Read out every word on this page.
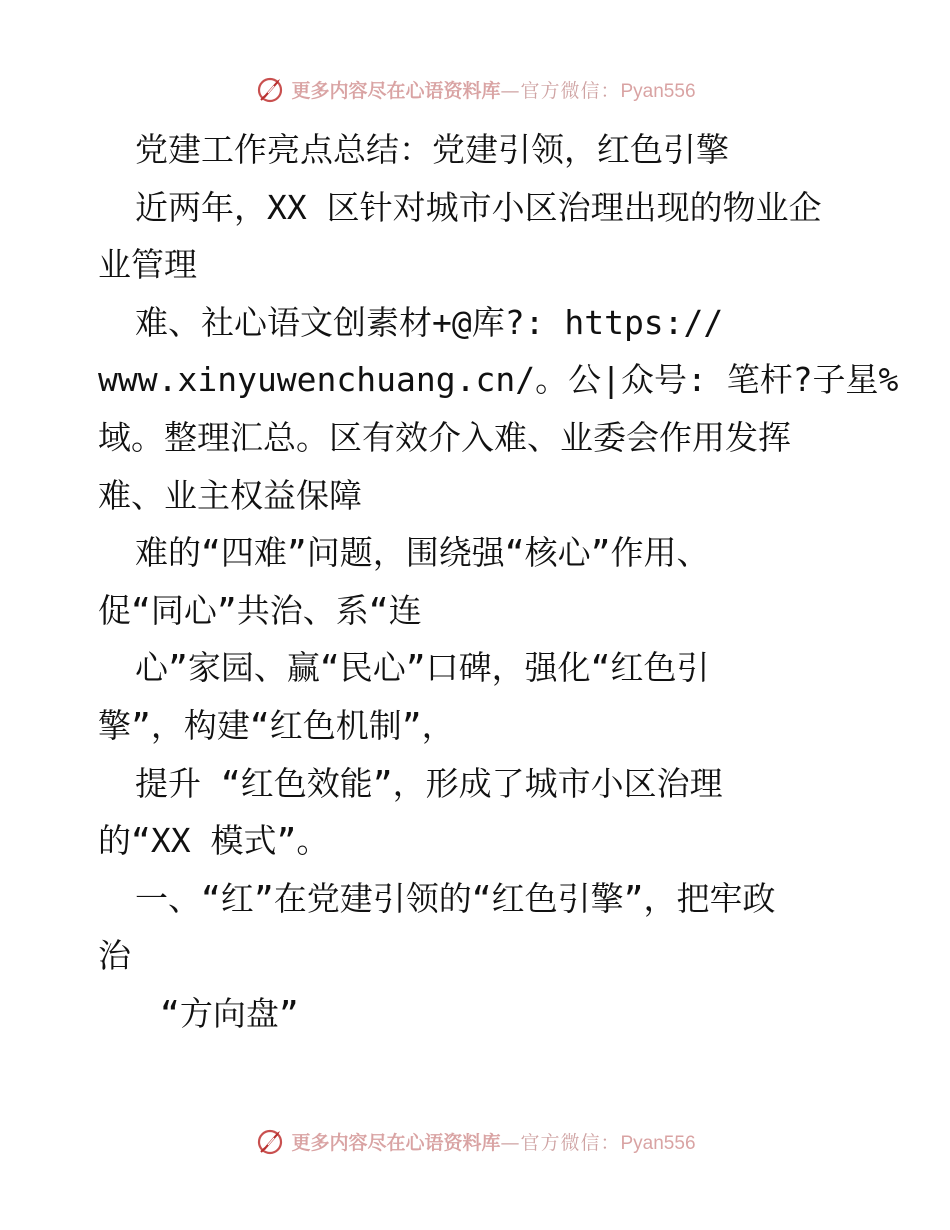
更多内容尽在心语资料库 — 官方微信： Pyan556
党建工作亮点总结：党建引领，红色引擎
近两年，XX 区针对城市小区治理出现的物业企
业管理
难、社心语文创素材+@库?: https://
www.xinyuwenchuang.cn/。公|众号: 笔杆?子星%
域。整理汇总。区有效介入难、业委会作用发挥
难、业主权益保障
难的“四难”问题，围绕强“核心”作用、
促“同心”共治、系“连
心”家园、赢“民心”口碑，强化“红色引
擎”，构建“红色机制”，
提升 “红色效能”，形成了城市小区治理
的“XX 模式”。
一、“红”在党建引领的“红色引擎”，把牢政
治
“方向盘”
更多内容尽在心语资料库 — 官方微信： Pyan556
